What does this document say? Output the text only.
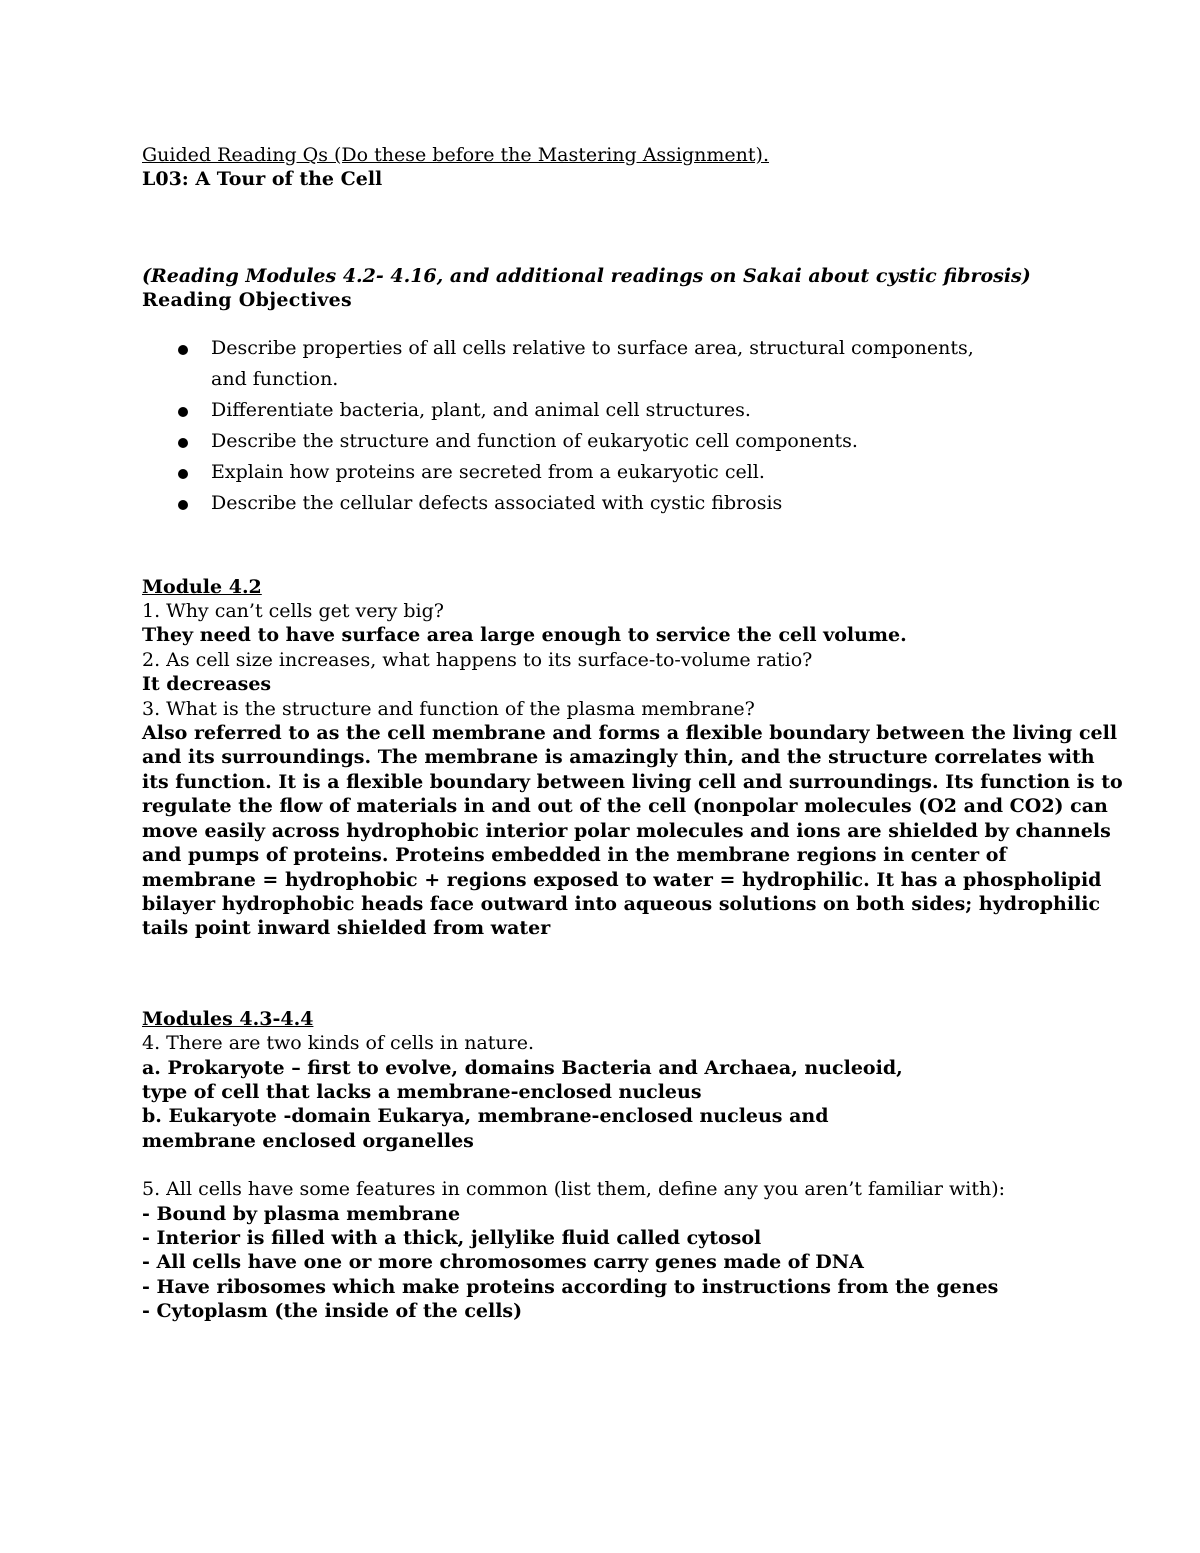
Guided Reading Qs (Do these before the Mastering Assignment).
L03: A Tour of the Cell
(Reading Modules 4.2- 4.16, and additional readings on Sakai about cystic fibrosis)
Reading Objectives
Describe properties of all cells relative to surface area, structural components, and function.
Differentiate bacteria, plant, and animal cell structures.
Describe the structure and function of eukaryotic cell components.
Explain how proteins are secreted from a eukaryotic cell.
Describe the cellular defects associated with cystic fibrosis
Module 4.2
1. Why can’t cells get very big?
They need to have surface area large enough to service the cell volume.
2. As cell size increases, what happens to its surface-to-volume ratio?
It decreases
3. What is the structure and function of the plasma membrane?
Also referred to as the cell membrane and forms a flexible boundary between the living cell
and its surroundings. The membrane is amazingly thin, and the structure correlates with
its function. It is a flexible boundary between living cell and surroundings. Its function is to
regulate the flow of materials in and out of the cell (nonpolar molecules (O2 and CO2) can
move easily across hydrophobic interior polar molecules and ions are shielded by channels
and pumps of proteins. Proteins embedded in the membrane regions in center of
membrane = hydrophobic + regions exposed to water = hydrophilic. It has a phospholipid
bilayer hydrophobic heads face outward into aqueous solutions on both sides; hydrophilic
tails point inward shielded from water
Modules 4.3-4.4
4. There are two kinds of cells in nature.
a. Prokaryote – first to evolve, domains Bacteria and Archaea, nucleoid,
type of cell that lacks a membrane-enclosed nucleus
b. Eukaryote -domain Eukarya, membrane-enclosed nucleus and
membrane enclosed organelles
5. All cells have some features in common (list them, define any you aren’t familiar with):
- Bound by plasma membrane
- Interior is filled with a thick, jellylike fluid called cytosol
- All cells have one or more chromosomes carry genes made of DNA
- Have ribosomes which make proteins according to instructions from the genes
- Cytoplasm (the inside of the cells)
